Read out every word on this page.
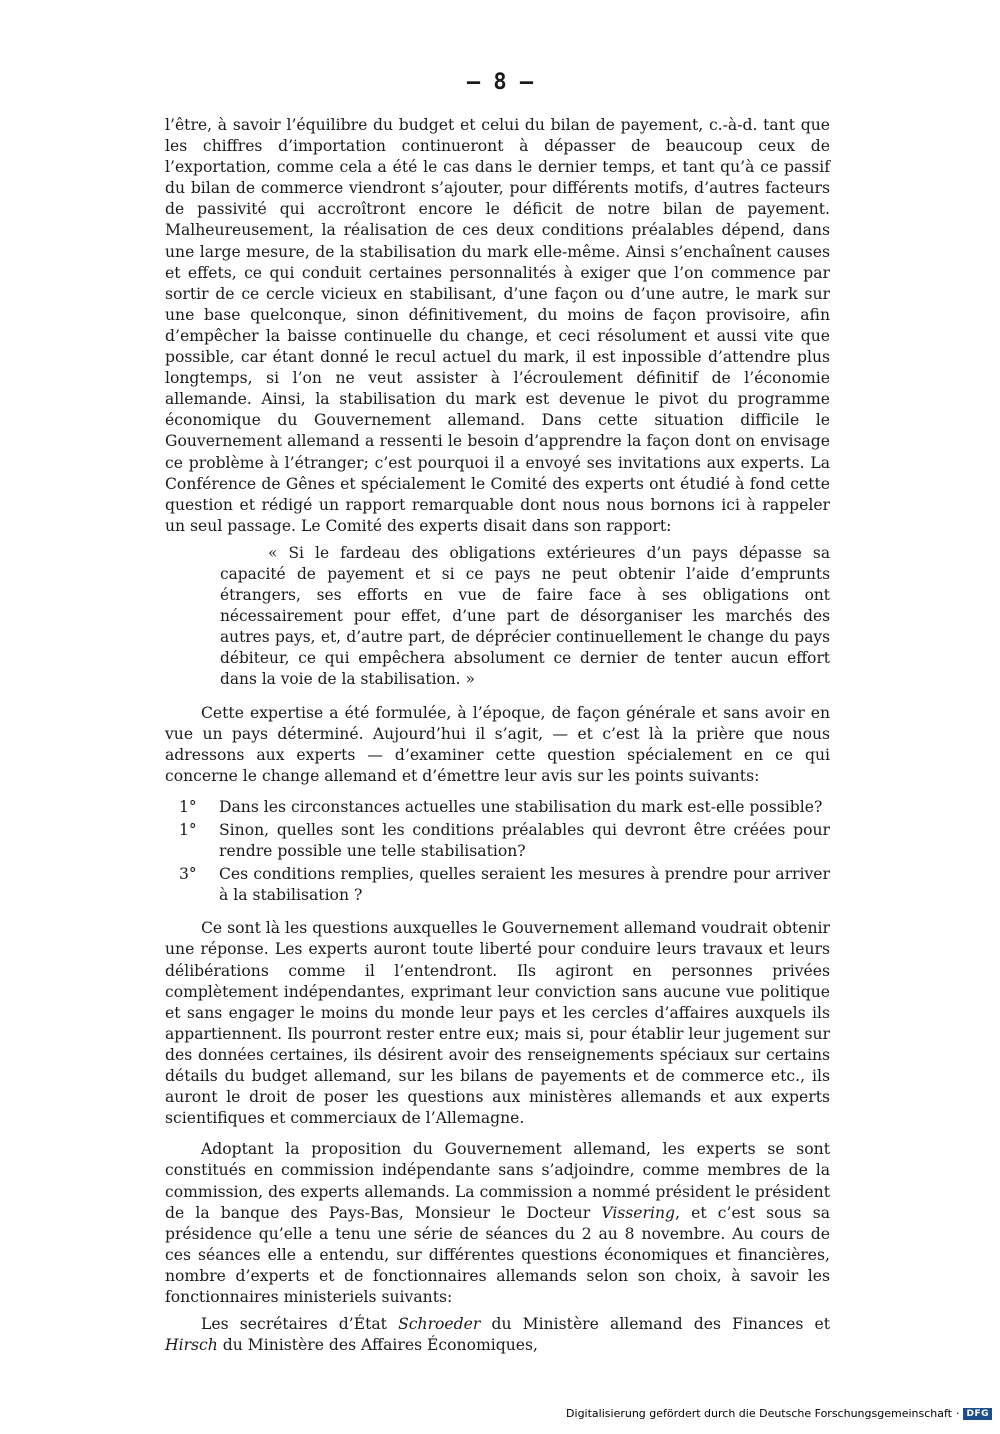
— 8 —

l’être, à savoir l’équilibre du budget et celui du bilan de payement, c.-à-d. tant que les chiffres d’importation continueront à dépasser de beaucoup ceux de l’exportation, comme cela a été le cas dans le dernier temps, et tant qu’à ce passif du bilan de commerce viendront s’ajouter, pour différents motifs, d’autres facteurs de passivité qui accroîtront encore le déficit de notre bilan de payement. Malheureusement, la réalisation de ces deux conditions préalables dépend, dans une large mesure, de la stabilisation du mark elle-même. Ainsi s’enchaînent causes et effets, ce qui conduit certaines personnalités à exiger que l’on commence par sortir de ce cercle vicieux en stabilisant, d’une façon ou d’une autre, le mark sur une base quelconque, sinon définitivement, du moins de façon provisoire, afin d’empêcher la baisse continuelle du change, et ceci résolument et aussi vite que possible, car étant donné le recul actuel du mark, il est inpossible d’attendre plus longtemps, si l’on ne veut assister à l’écroulement définitif de l’économie allemande. Ainsi, la stabilisation du mark est devenue le pivot du programme économique du Gouvernement allemand. Dans cette situation difficile le Gouvernement allemand a ressenti le besoin d’apprendre la façon dont on envisage ce problème à l’étranger; c’est pourquoi il a envoyé ses invitations aux experts. La Conférence de Gênes et spécialement le Comité des experts ont étudié à fond cette question et rédigé un rapport remarquable dont nous nous bornons ici à rappeler un seul passage. Le Comité des experts disait dans son rapport:

« Si le fardeau des obligations extérieures d’un pays dépasse sa capacité de payement et si ce pays ne peut obtenir l’aide d’emprunts étrangers, ses efforts en vue de faire face à ses obligations ont nécessairement pour effet, d’une part de désorganiser les marchés des autres pays, et, d’autre part, de déprécier continuellement le change du pays débiteur, ce qui empêchera absolument ce dernier de tenter aucun effort dans la voie de la stabilisation. »

Cette expertise a été formulée, à l’époque, de façon générale et sans avoir en vue un pays déterminé. Aujourd’hui il s’agit, — et c’est là la prière que nous adressons aux experts — d’examiner cette question spécialement en ce qui concerne le change allemand et d’émettre leur avis sur les points suivants:

1° Dans les circonstances actuelles une stabilisation du mark est-elle possible?
1° Sinon, quelles sont les conditions préalables qui devront être créées pour rendre possible une telle stabilisation?
3° Ces conditions remplies, quelles seraient les mesures à prendre pour arriver à la stabilisation ?

Ce sont là les questions auxquelles le Gouvernement allemand voudrait obtenir une réponse. Les experts auront toute liberté pour conduire leurs travaux et leurs délibérations comme il l’entendront. Ils agiront en personnes privées complètement indépendantes, exprimant leur conviction sans aucune vue politique et sans engager le moins du monde leur pays et les cercles d’affaires auxquels ils appartiennent. Ils pourront rester entre eux; mais si, pour établir leur jugement sur des données certaines, ils désirent avoir des renseignements spéciaux sur certains détails du budget allemand, sur les bilans de payements et de commerce etc., ils auront le droit de poser les questions aux ministères allemands et aux experts scientifiques et commerciaux de l’Allemagne.

Adoptant la proposition du Gouvernement allemand, les experts se sont constitués en commission indépendante sans s’adjoindre, comme membres de la commission, des experts allemands. La commission a nommé président le président de la banque des Pays-Bas, Monsieur le Docteur Vissering, et c’est sous sa présidence qu’elle a tenu une série de séances du 2 au 8 novembre. Au cours de ces séances elle a entendu, sur différentes questions économiques et financières, nombre d’experts et de fonctionnaires allemands selon son choix, à savoir les fonctionnaires ministeriels suivants:

Les secrétaires d’État Schroeder du Ministère allemand des Finances et Hirsch du Ministère des Affaires Économiques,

Digitalisierung gefördert durch die Deutsche Forschungsgemeinschaft · DFG
